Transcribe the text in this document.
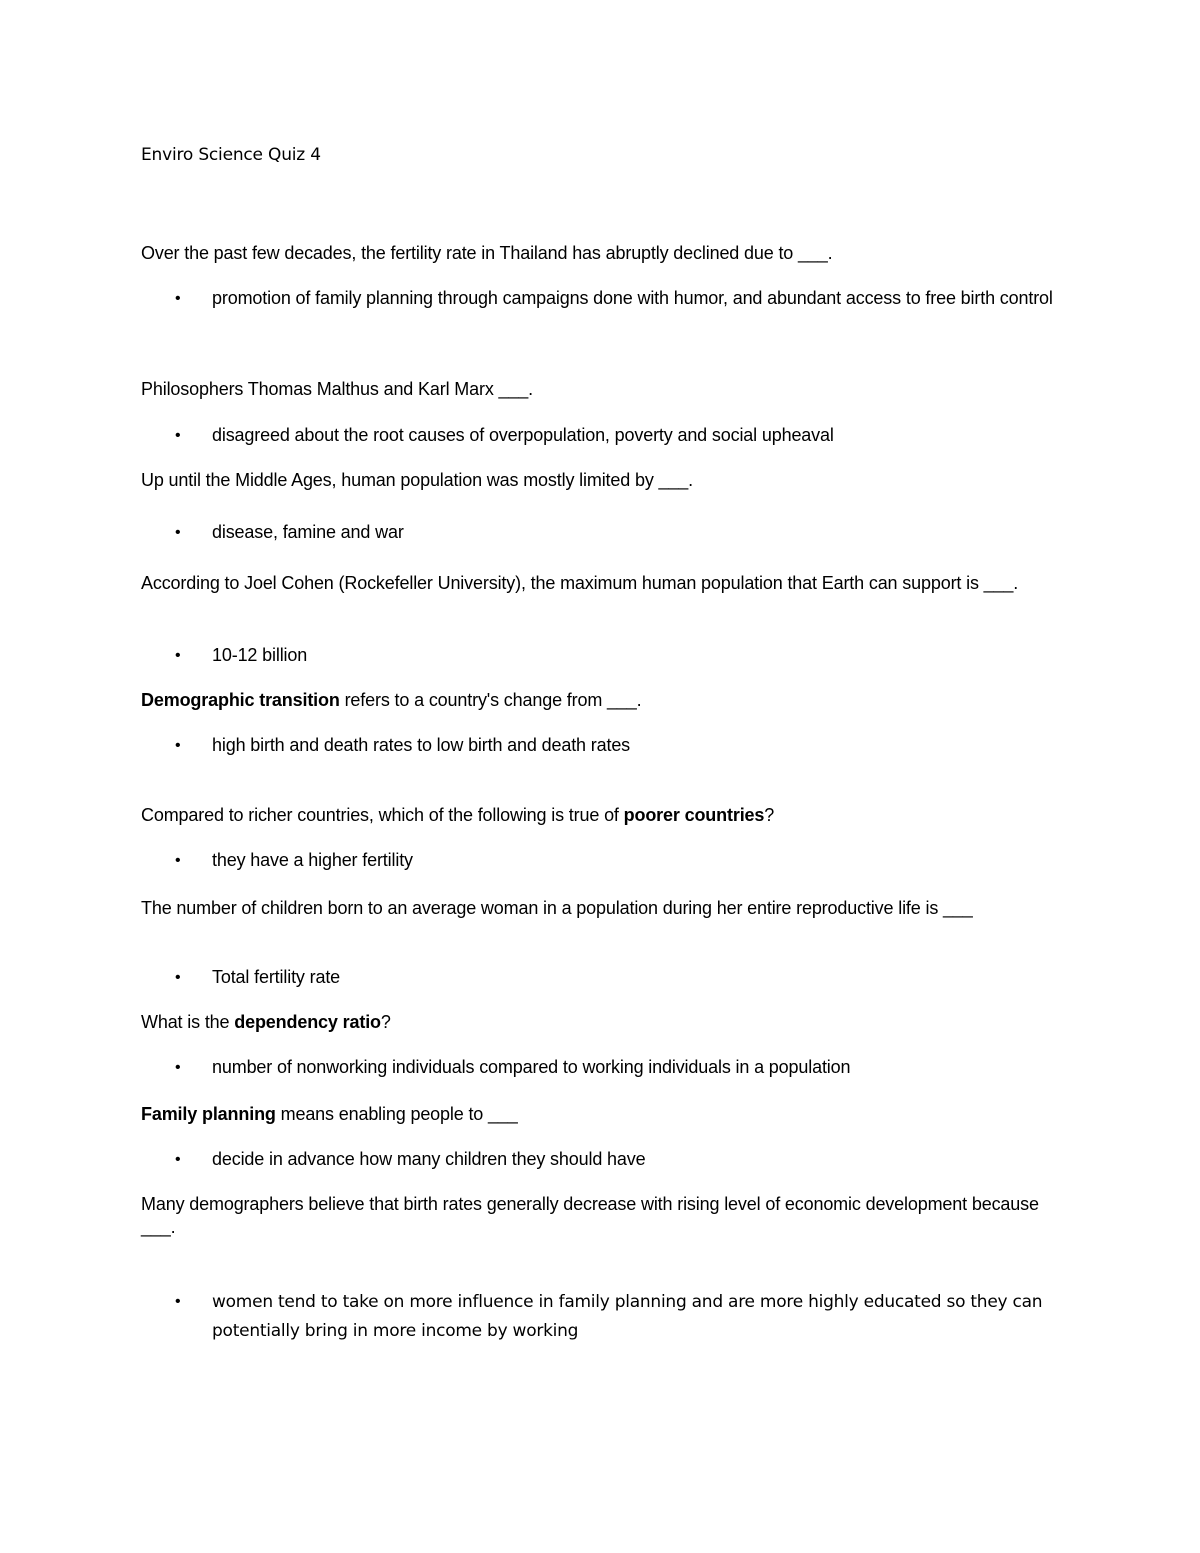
Enviro Science Quiz 4
Over the past few decades, the fertility rate in Thailand has abruptly declined due to ___.
• promotion of family planning through campaigns done with humor, and abundant access to free birth control
Philosophers Thomas Malthus and Karl Marx ___.
• disagreed about the root causes of overpopulation, poverty and social upheaval
Up until the Middle Ages, human population was mostly limited by ___.
• disease, famine and war
According to Joel Cohen (Rockefeller University), the maximum human population that Earth can support is ___.
• 10-12 billion
Demographic transition refers to a country's change from ___.
• high birth and death rates to low birth and death rates
Compared to richer countries, which of the following is true of poorer countries?
• they have a higher fertility
The number of children born to an average woman in a population during her entire reproductive life is ___
• Total fertility rate
What is the dependency ratio?
• number of nonworking individuals compared to working individuals in a population
Family planning means enabling people to ___
• decide in advance how many children they should have
Many demographers believe that birth rates generally decrease with rising level of economic development because ___.
• women tend to take on more influence in family planning and are more highly educated so they can potentially bring in more income by working
